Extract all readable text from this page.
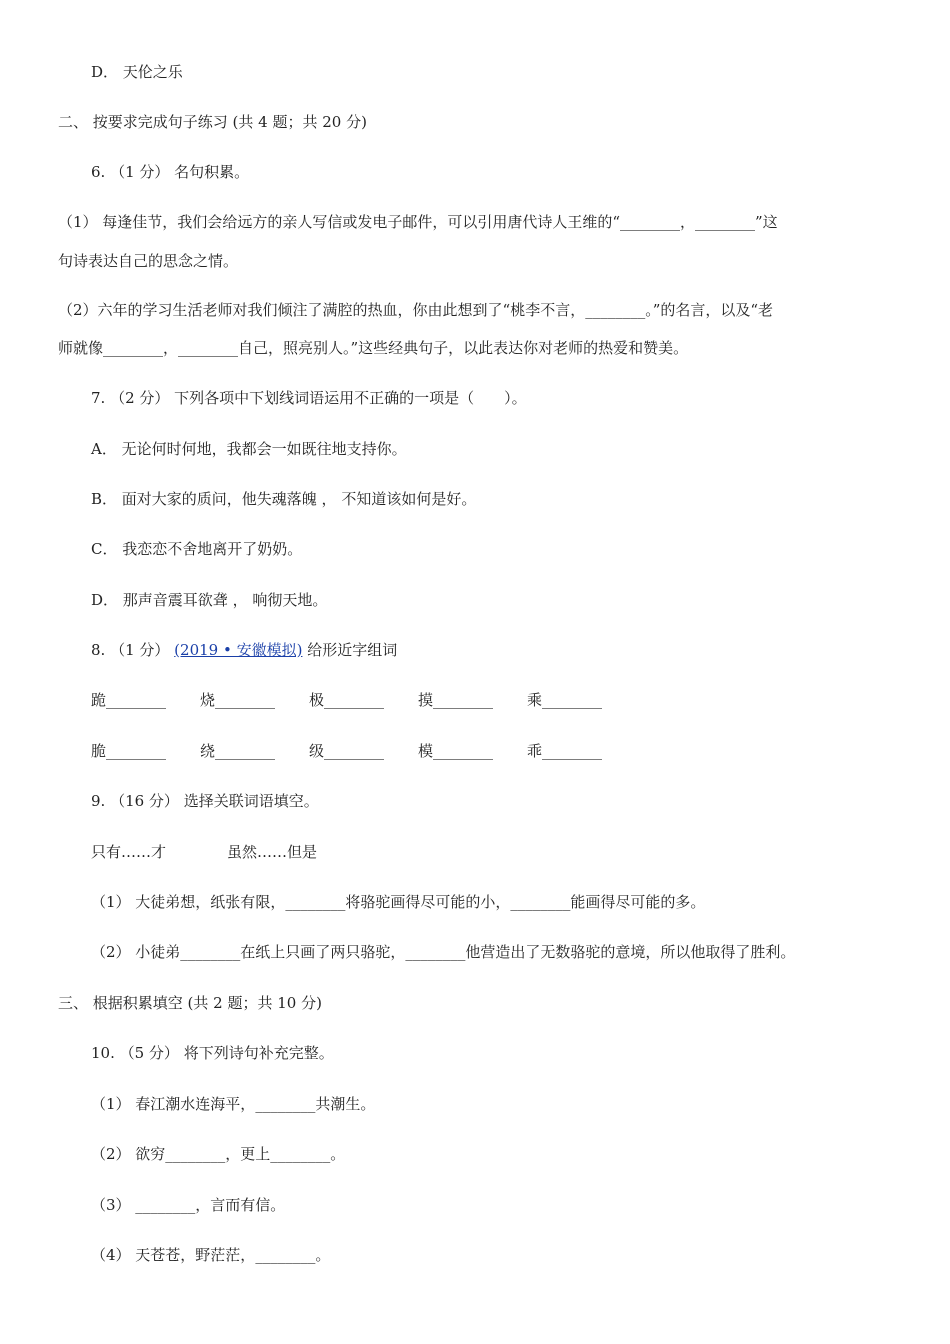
D． 天伦之乐
二、 按要求完成句子练习 (共 4 题；共 20 分)
6. （1 分） 名句积累。
（1） 每逢佳节，我们会给远方的亲人写信或发电子邮件，可以引用唐代诗人王维的“________，________”这
句诗表达自己的思念之情。
（2）六年的学习生活老师对我们倾注了满腔的热血，你由此想到了“桃李不言，________。”的名言，以及“老
师就像________，________自己，照亮别人。”这些经典句子，以此表达你对老师的热爱和赞美。
7. （2 分） 下列各项中下划线词语运用不正确的一项是（　　）。
A． 无论何时何地，我都会一如既往地支持你。
B． 面对大家的质问，他失魂落魄 ， 不知道该如何是好。
C． 我恋恋不舍地离开了奶奶。
D． 那声音震耳欲聋 ， 响彻天地。
8. （1 分） (2019 • 安徽模拟) 给形近字组词
跪________ 烧________ 极________ 摸________ 乘________
脆________ 绕________ 级________ 模________ 乖________
9. （16 分） 选择关联词语填空。
只有……才	虽然……但是
（1） 大徒弟想，纸张有限，________将骆驼画得尽可能的小，________能画得尽可能的多。
（2） 小徒弟________在纸上只画了两只骆驼，________他营造出了无数骆驼的意境，所以他取得了胜利。
三、 根据积累填空 (共 2 题；共 10 分)
10. （5 分） 将下列诗句补充完整。
（1） 春江潮水连海平，________共潮生。
（2） 欲穷________，更上________。
（3） ________，言而有信。
（4） 天苍苍，野茫茫，________。
